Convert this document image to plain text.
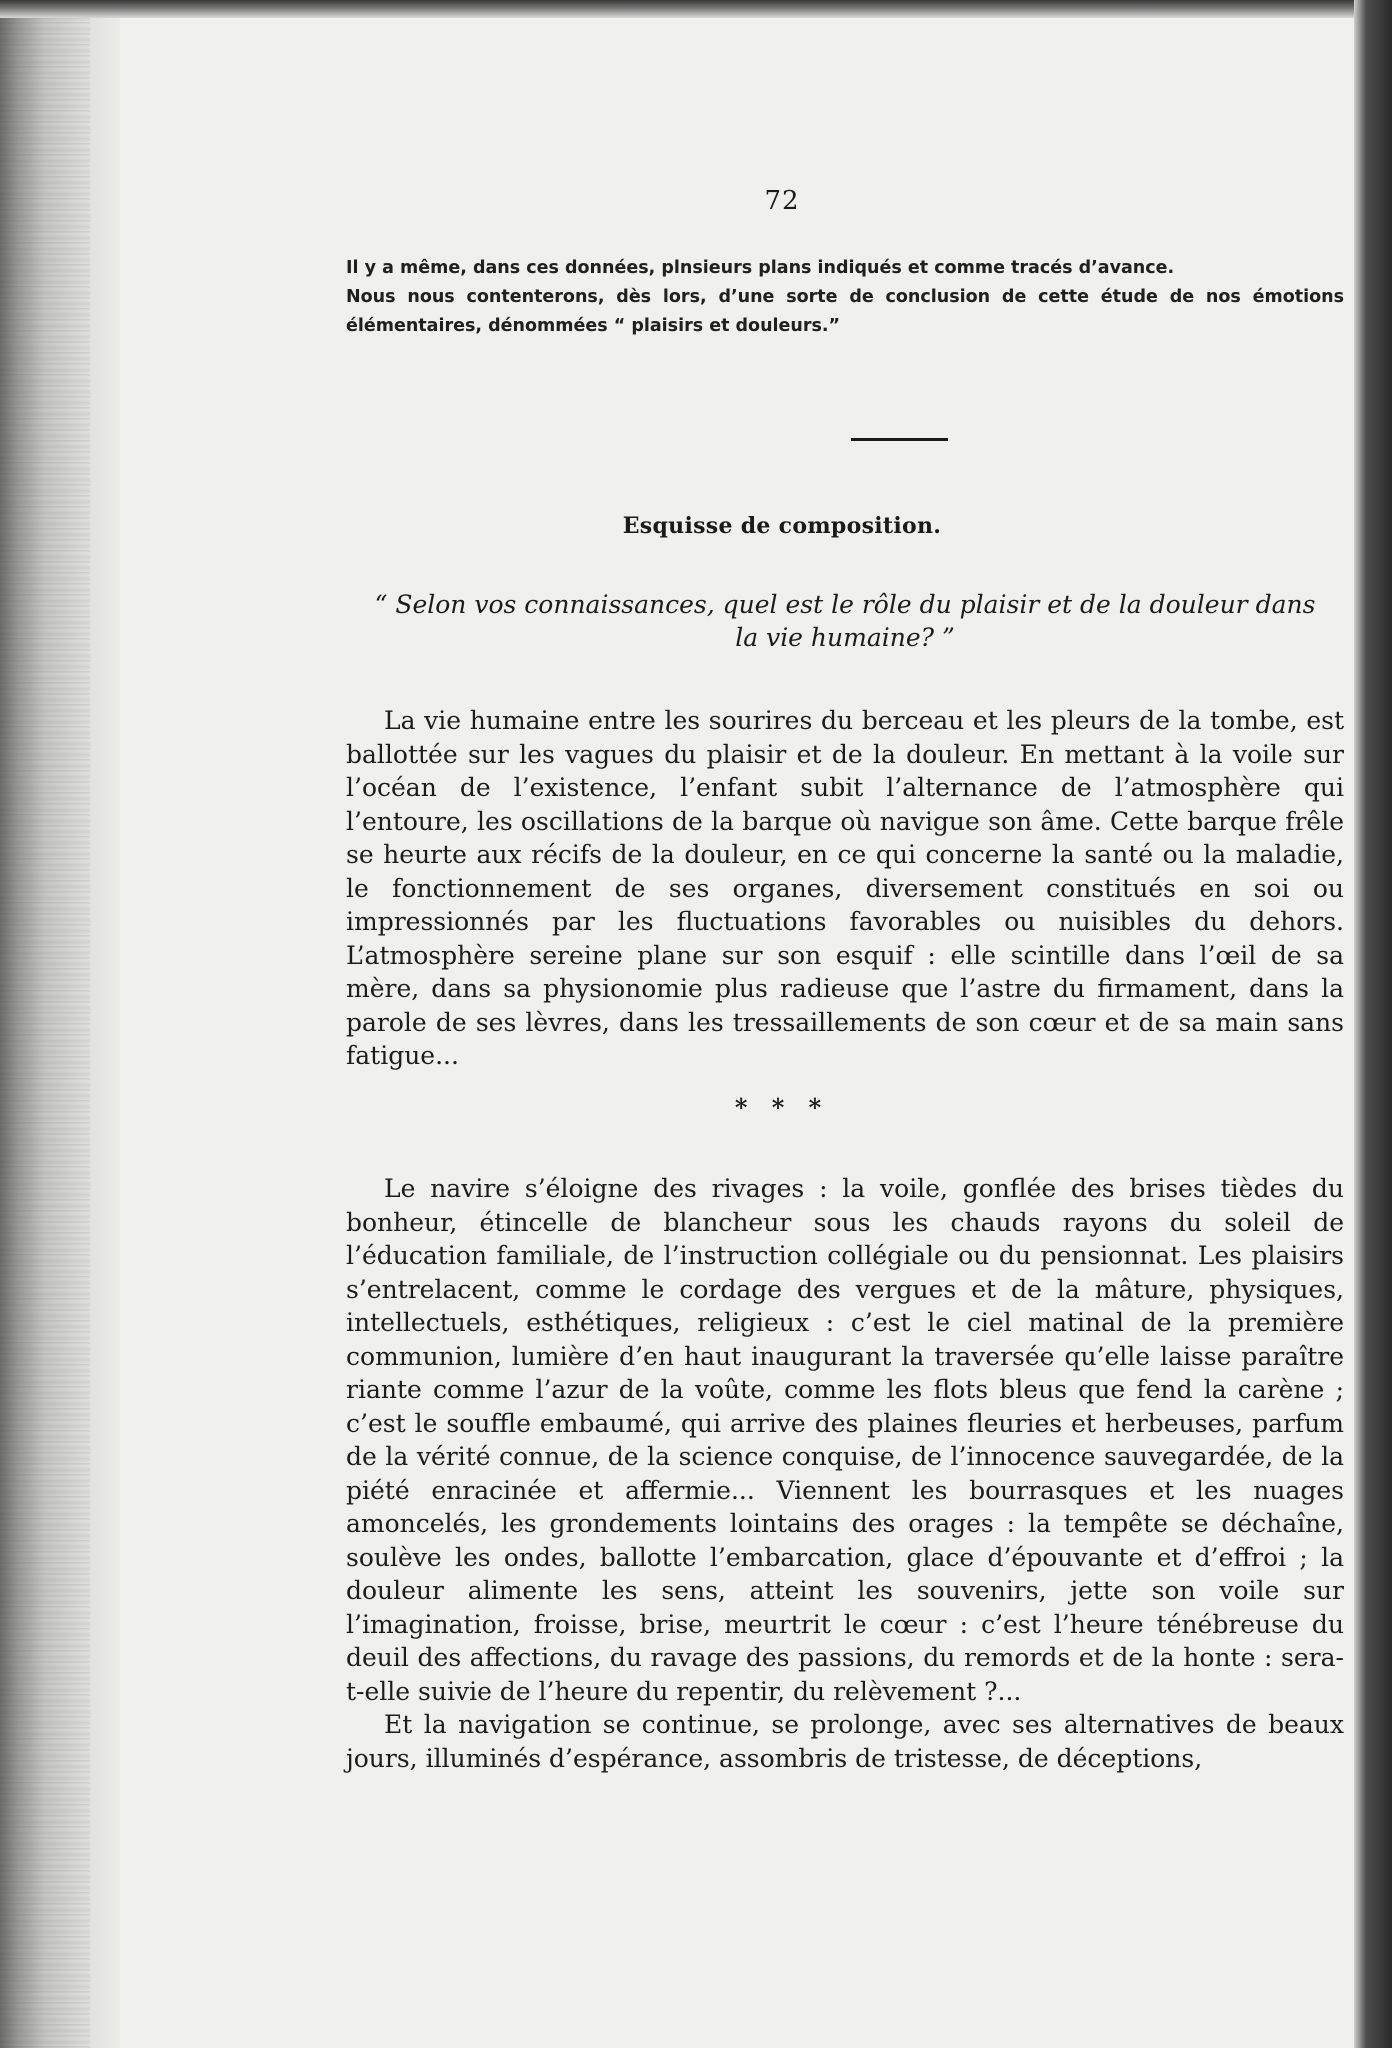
72

Il y a même, dans ces données, plnsieurs plans indiqués et comme tracés d’avance.

Nous nous contenterons, dès lors, d’une sorte de conclusion de cette étude de nos émotions élémentaires, dénommées “ plaisirs et douleurs.”

Esquisse de composition.
“ Selon vos connaissances, quel est le rôle du plaisir et de la douleur dans
la vie humaine? ”

La vie humaine entre les sourires du berceau et les pleurs de la tombe, est ballottée sur les vagues du plaisir et de la douleur. En mettant à la voile sur l’océan de l’existence, l’enfant subit l’alternance de l’atmosphère qui l’entoure, les oscillations de la barque où navigue son âme. Cette barque frêle se heurte aux récifs de la douleur, en ce qui concerne la santé ou la maladie, le fonctionnement de ses organes, diversement constitués en soi ou impressionnés par les fluctuations favorables ou nuisibles du dehors. L’atmosphère sereine plane sur son esquif : elle scintille dans l’œil de sa mère, dans sa physionomie plus radieuse que l’astre du firmament, dans la parole de ses lèvres, dans les tressaillements de son cœur et de sa main sans fatigue...

* * *

Le navire s’éloigne des rivages : la voile, gonflée des brises tièdes du bonheur, étincelle de blancheur sous les chauds rayons du soleil de l’éducation familiale, de l’instruction collégiale ou du pensionnat. Les plaisirs s’entrelacent, comme le cordage des vergues et de la mâture, physiques, intellectuels, esthétiques, religieux : c’est le ciel matinal de la première communion, lumière d’en haut inaugurant la traversée qu’elle laisse paraître riante comme l’azur de la voûte, comme les flots bleus que fend la carène ; c’est le souffle embaumé, qui arrive des plaines fleuries et herbeuses, parfum de la vérité connue, de la science conquise, de l’innocence sauvegardée, de la piété enracinée et affermie... Viennent les bourrasques et les nuages amoncelés, les grondements lointains des orages : la tempête se déchaîne, soulève les ondes, ballotte l’embarcation, glace d’épouvante et d’effroi ; la douleur alimente les sens, atteint les souvenirs, jette son voile sur l’imagination, froisse, brise, meurtrit le cœur : c’est l’heure ténébreuse du deuil des affections, du ravage des passions, du remords et de la honte : sera-t-elle suivie de l’heure du repentir, du relèvement ?...

Et la navigation se continue, se prolonge, avec ses alternatives de beaux jours, illuminés d’espérance, assombris de tristesse, de déceptions,
